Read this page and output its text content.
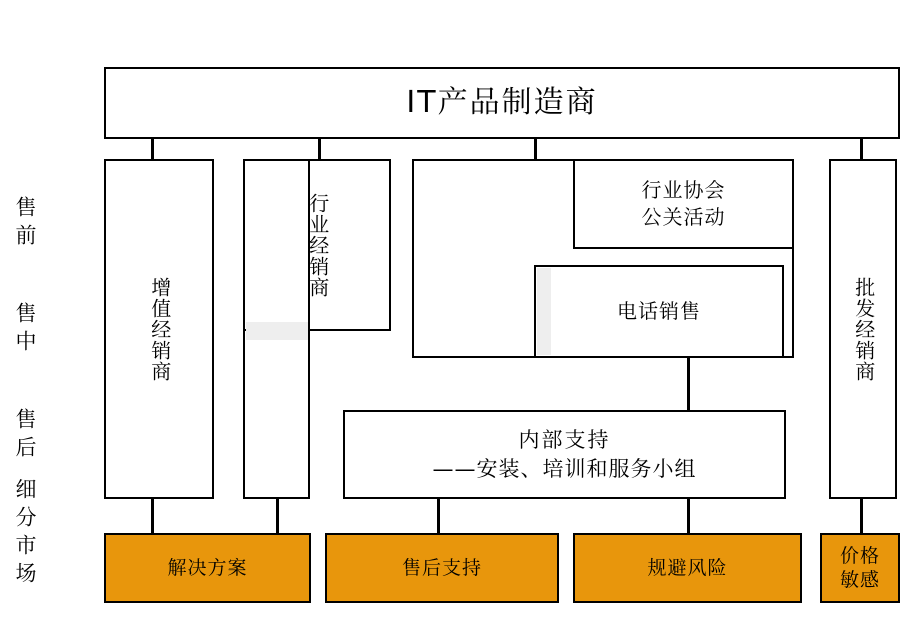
售前
售中
售后
细分市场
IT产品制造商
增值经销商
行业经销商
行业协会
公关活动
电话销售
内部支持
——安装、培训和服务小组
批发经销商
解决方案	售后支持	规避风险
价格
敏感
